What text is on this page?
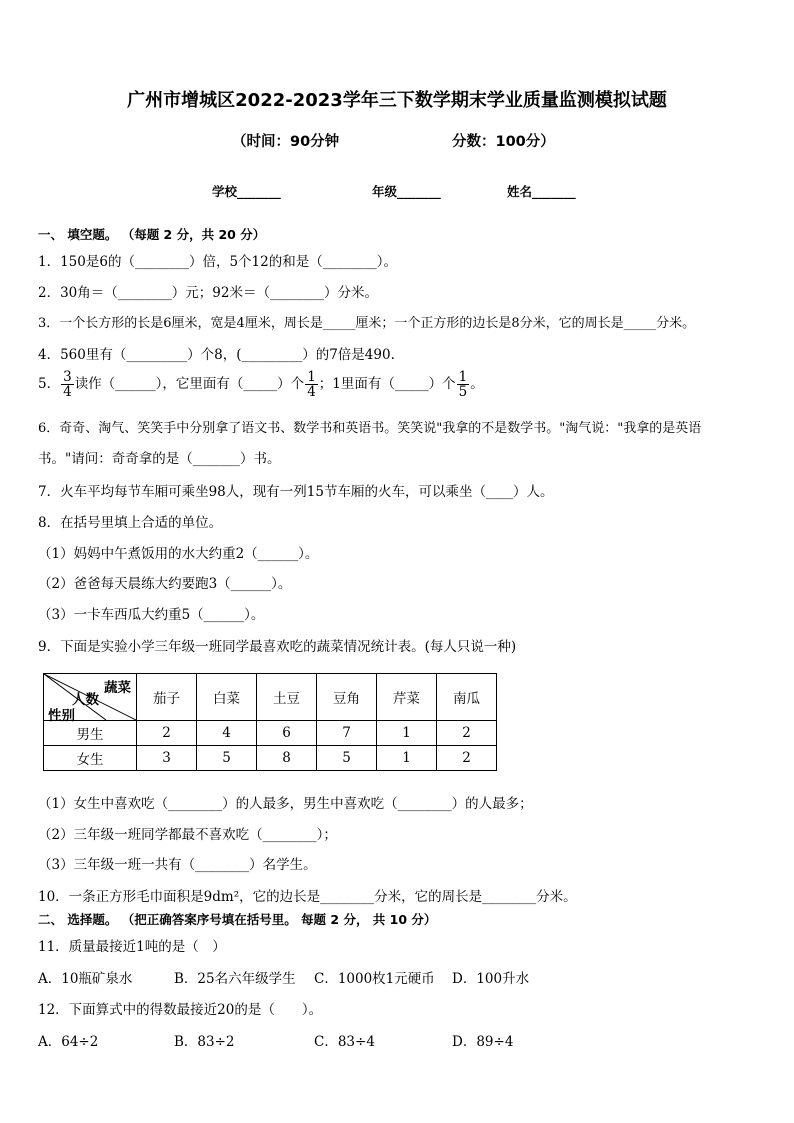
广州市增城区2022-2023学年三下数学期末学业质量监测模拟试题
（时间：90分钟	分数：100分）
学校_______	年级_______	姓名_______
一、 填空题。 （每题 2 分，共 20 分）
1．150是6的（________）倍，5个12的和是（________）。
2．30角＝（________）元；92米＝（________）分米。
3．一个长方形的长是6厘米，宽是4厘米，周长是_____厘米；一个正方形的边长是8分米，它的周长是_____分米。
4．560里有（_________）个8，(_________）的7倍是490.
5． $\frac{3}{4}$ 读作（______），它里面有（_____）个 $\frac{1}{4}$ ；1里面有（_____）个 $\frac{1}{5}$ 。
6．奇奇、淘气、笑笑手中分别拿了语文书、数学书和英语书。笑笑说"我拿的不是数学书。"淘气说："我拿的是英语
书。"请问：奇奇拿的是（_______）书。
7．火车平均每节车厢可乘坐98人，现有一列15节车厢的火车，可以乘坐（____）人。
8．在括号里填上合适的单位。
（1）妈妈中午煮饭用的水大约重2（______）。
（2）爸爸每天晨练大约要跑3（______）。
（3）一卡车西瓜大约重5（______）。
9．下面是实验小学三年级一班同学最喜欢吃的蔬菜情况统计表。(每人只说一种)
蔬菜
人数
性别	茄子	白菜	土豆	豆角	芹菜	南瓜
男生	2	4	6	7	1	2
女生	3	5	8	5	1	2
（1）女生中喜欢吃（________）的人最多，男生中喜欢吃（________）的人最多；
（2）三年级一班同学都最不喜欢吃（________）；
（3）三年级一班一共有（________）名学生。
10．一条正方形毛巾面积是9dm²，它的边长是________分米，它的周长是________分米。
二、 选择题。 （把正确答案序号填在括号里。 每题 2 分， 共 10 分）
11．质量最接近1吨的是（　）
A．10瓶矿泉水	B．25名六年级学生 C．1000枚1元硬币 D．100升水
12．下面算式中的得数最接近20的是（　　）。
A．64÷2	B．83÷2	C．83÷4	D．89÷4
